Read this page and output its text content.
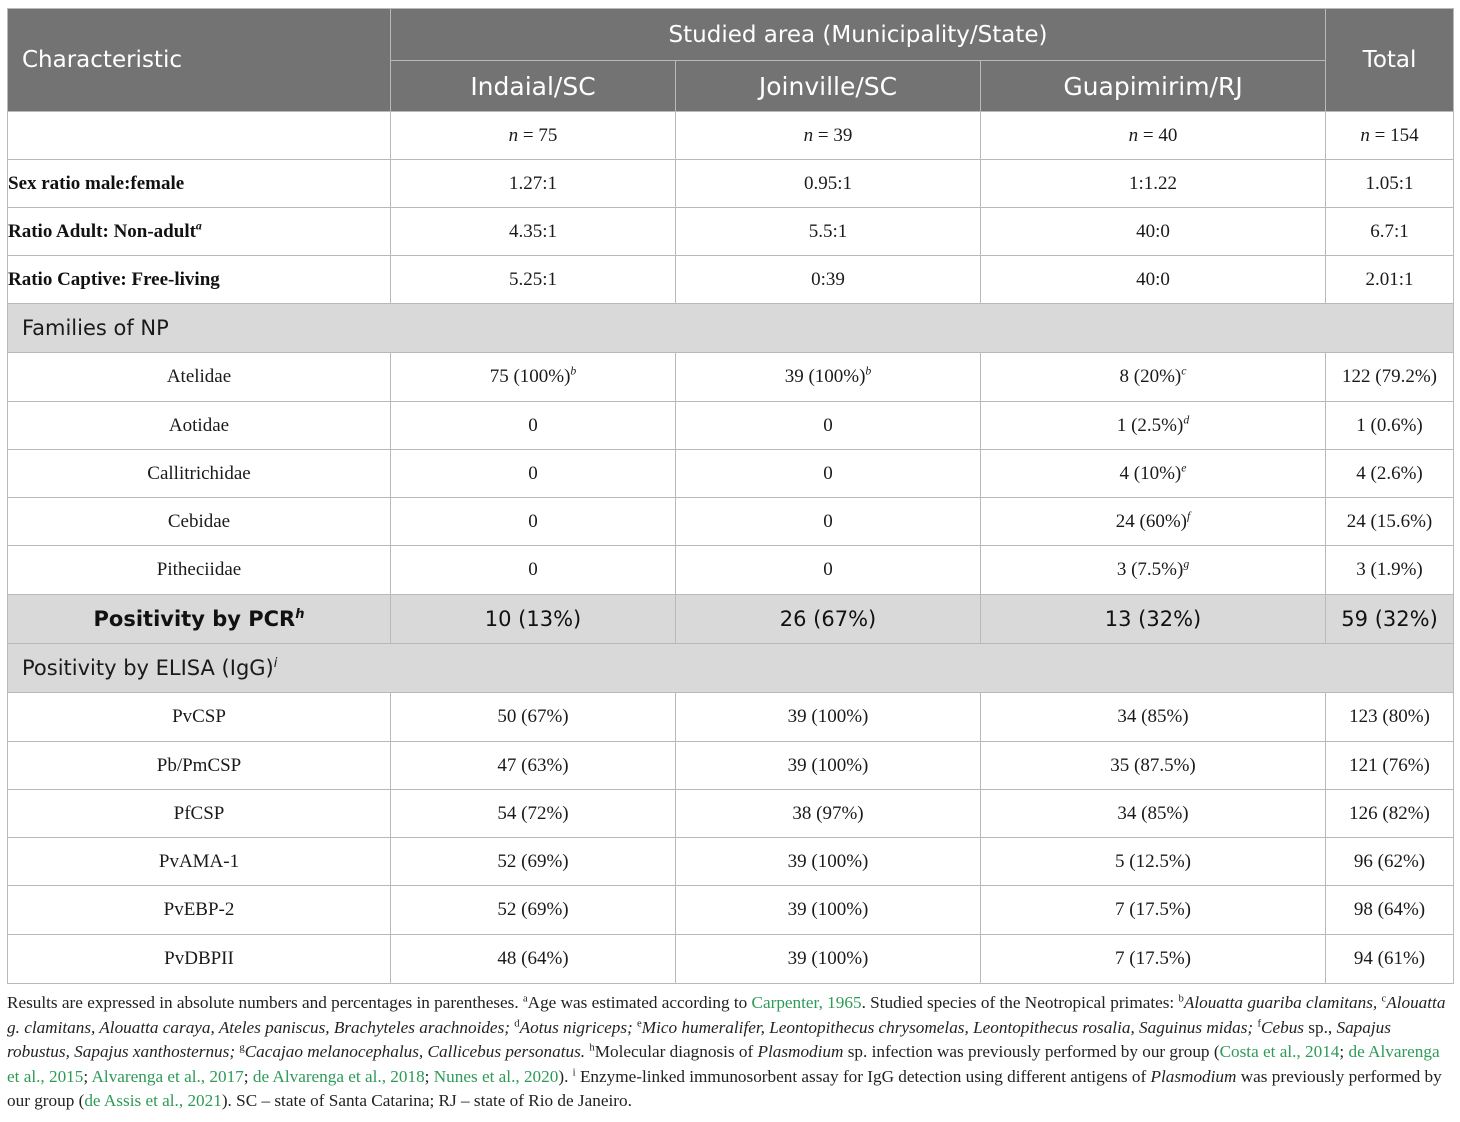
Characteristic	Studied area (Municipality/State)			Total
	Indaial/SC	Joinville/SC	Guapimirim/RJ	
	n = 75	n = 39	n = 40	n = 154
Sex ratio male:female	1.27:1	0.95:1	1:1.22	1.05:1
Ratio Adult: Non-adult$^a$	4.35:1	5.5:1	40:0	6.7:1
Ratio Captive: Free-living	5.25:1	0:39	40:0	2.01:1
Families of NP				
Atelidae	75 $(100\%)^b$	39 $(100\%)^b$	8 $(20\%)^c$	122 (79.2%)
Aotidae	0	0	1 $(2.5\%)^d$	1 (0.6%)
Callitrichidae	0	0	4 $(10\%)^e$	4 (2.6%)
Cebidae	0	0	24 $(60\%)^f$	24 (15.6%)
Pitheciidae	0	0	3 $(7.5\%)^g$	3 (1.9%)
Positivity by PCR$^h$	10 (13%)	26 (67%)	13 (32%)	59 (32%)
Positivity by ELISA (IgG)$^i$
PvCSP	50 (67%)	39 (100%)	34 (85%)	123 (80%)
Pb/PmCSP	47 (63%)	39 (100%)	35 (87.5%)	121 (76%)
PfCSP	54 (72%)	38 (97%)	34 (85%)	126 (82%)
PvAMA-1	52 (69%)	39 (100%)	5 (12.5%)	96 (62%)
PvEBP-2	52 (69%)	39 (100%)	7 (17.5%)	98 (64%)
PvDBPII	48 (64%)	39 (100%)	7 (17.5%)	94 (61%)
Results are expressed in absolute numbers and percentages in parentheses. $^a$Age was estimated according to Carpenter, 1965. Studied species of the Neotropical primates: $^b$Alouatta guariba clamitans, $^c$Alouatta g. clamitans, Alouatta caraya, Ateles paniscus, Brachyteles arachnoides; $^d$Aotus nigriceps; $^e$Mico humeralifer, Leontopithecus chrysomelas, Leontopithecus rosalia, Saguinus midas; $^f$Cebus sp., Sapajus robustus, Sapajus xanthosternus; $^g$Cacajao melanocephalus, Callicebus personatus. $^h$Molecular diagnosis of Plasmodium sp. infection was previously performed by our group (Costa et al., 2014; de Alvarenga et al., 2015; Alvarenga et al., 2017; de Alvarenga et al., 2018; Nunes et al., 2020). $^i$ Enzyme-linked immunosorbent assay for IgG detection using different antigens of Plasmodium was previously performed by our group (de Assis et al., 2021). SC – state of Santa Catarina; RJ – state of Rio de Janeiro.
